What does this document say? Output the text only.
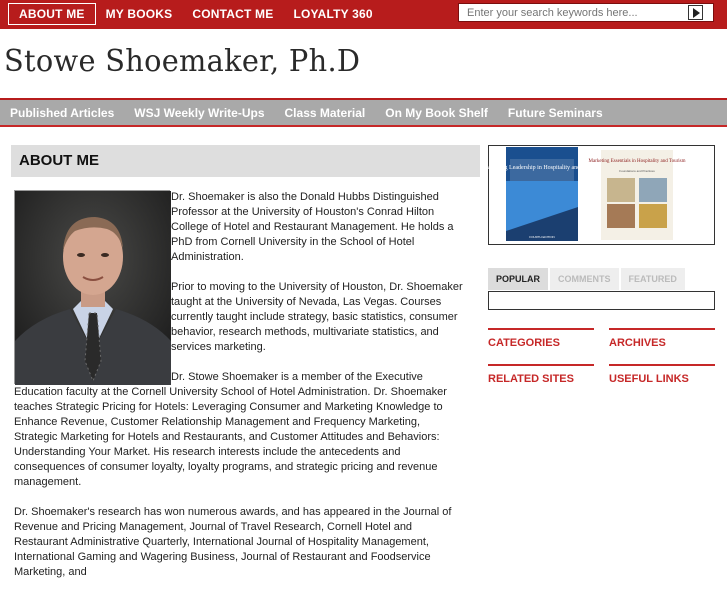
ABOUT ME	MY BOOKS	CONTACT ME	LOYALTY 360
Enter your search keywords here...
Stowe Shoemaker, Ph.D
Published Articles	WSJ Weekly Write-Ups	Class Material	On My Book Shelf	Future Seminars
ABOUT ME

Dr. Shoemaker is also the Donald Hubbs Distinguished Professor at the University of Houston's Conrad Hilton College of Hotel and Restaurant Management. He holds a PhD from Cornell University in the School of Hotel Administration.

Prior to moving to the University of Houston, Dr. Shoemaker taught at the University of Nevada, Las Vegas. Courses currently taught include strategy, basic statistics, consumer behavior, research methods, multivariate statistics, and services marketing.

Dr. Stowe Shoemaker is a member of the Executive Education faculty at the Cornell University School of Hotel Administration. Dr. Shoemaker teaches Strategic Pricing for Hotels: Leveraging Consumer and Marketing Knowledge to Enhance Revenue, Customer Relationship Management and Frequency Marketing, Strategic Marketing for Hotels and Restaurants, and Customer Attitudes and Behaviors: Understanding Your Market. His research interests include the antecedents and consequences of consumer loyalty, loyalty programs, and strategic pricing and revenue management.

Dr. Shoemaker's research has won numerous awards, and has appeared in the Journal of Revenue and Pricing Management, Journal of Travel Research, Cornell Hotel and Restaurant Administrative Quarterly, International Journal of Hospitality Management, International Gaming and Wagering Business, Journal of Restaurant and Foodservice Marketing, and

Marketing Leadership in Hospitality and Tourism
FOURTH EDITION
Marketing Essentials in Hospitality and Tourism
Foundations and Practices
POPULAR	COMMENTS	FEATURED
CATEGORIES	ARCHIVES
RELATED SITES	USEFUL LINKS
